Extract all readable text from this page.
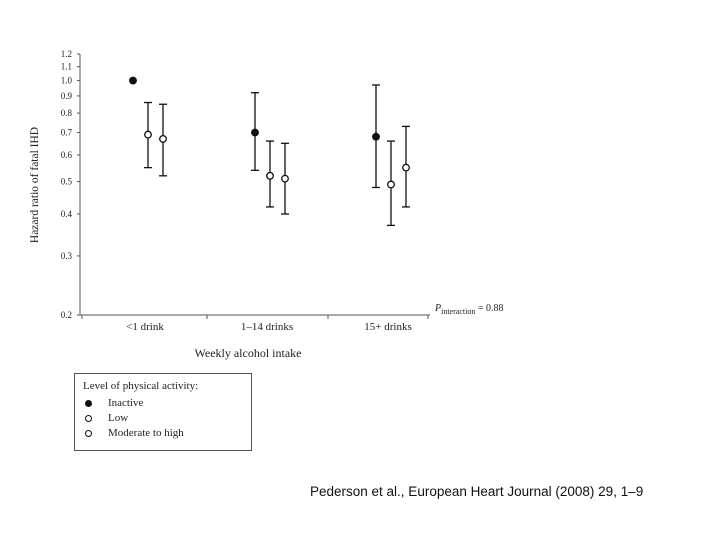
0.2
0.3
0.4
0.5
0.6
0.7
0.8
0.9
1.0
1.1
1.2
<1 drink	1–14 drinks	15+ drinks
Hazard ratio of fatal IHD
Weekly alcohol intake
$P_{interaction} = 0.88$
Level of physical activity:
Inactive
Low
Moderate to high
Pederson et al., European Heart Journal (2008) 29, 1–9
